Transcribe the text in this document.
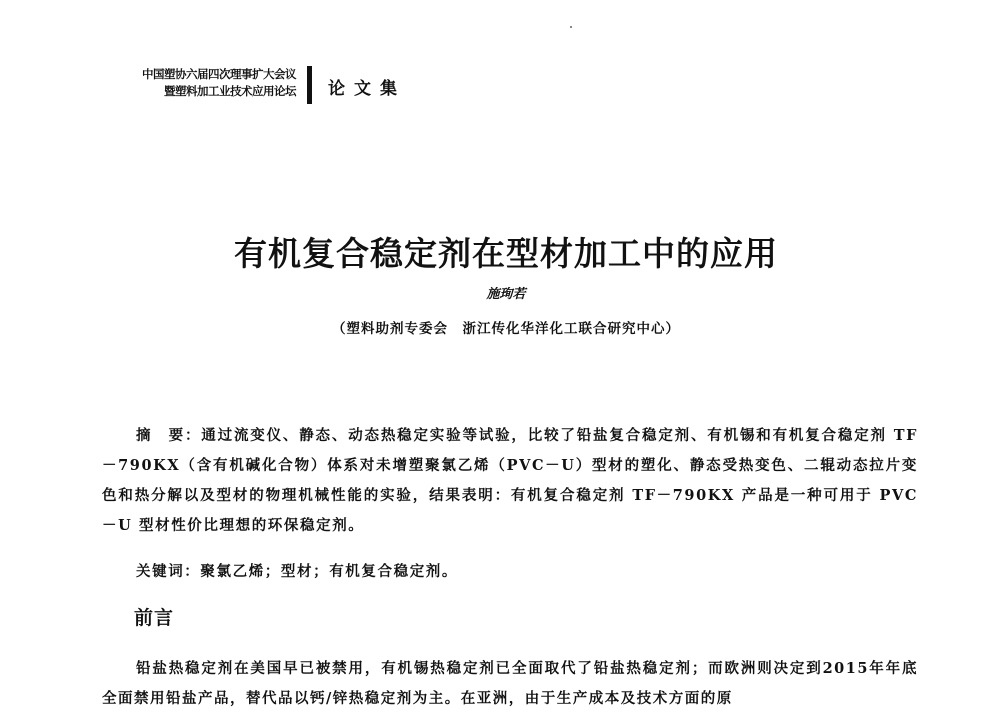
中国塑协六届四次理事扩大会议
暨塑料加工业技术应用论坛 论文集
有机复合稳定剂在型材加工中的应用
施珣若
（塑料助剂专委会　浙江传化华洋化工联合研究中心）
摘　要：通过流变仪、静态、动态热稳定实验等试验，比较了铅盐复合稳定剂、有机锡和有机复合稳定剂 TF－790KX（含有机碱化合物）体系对未增塑聚氯乙烯（PVC－U）型材的塑化、静态受热变色、二辊动态拉片变色和热分解以及型材的物理机械性能的实验，结果表明：有机复合稳定剂 TF－790KX 产品是一种可用于 PVC－U 型材性价比理想的环保稳定剂。
关键词：聚氯乙烯；型材；有机复合稳定剂。
前言
铅盐热稳定剂在美国早已被禁用，有机锡热稳定剂已全面取代了铅盐热稳定剂；而欧洲则决定到2015年年底全面禁用铅盐产品，替代品以钙/锌热稳定剂为主。在亚洲，由于生产成本及技术方面的原
